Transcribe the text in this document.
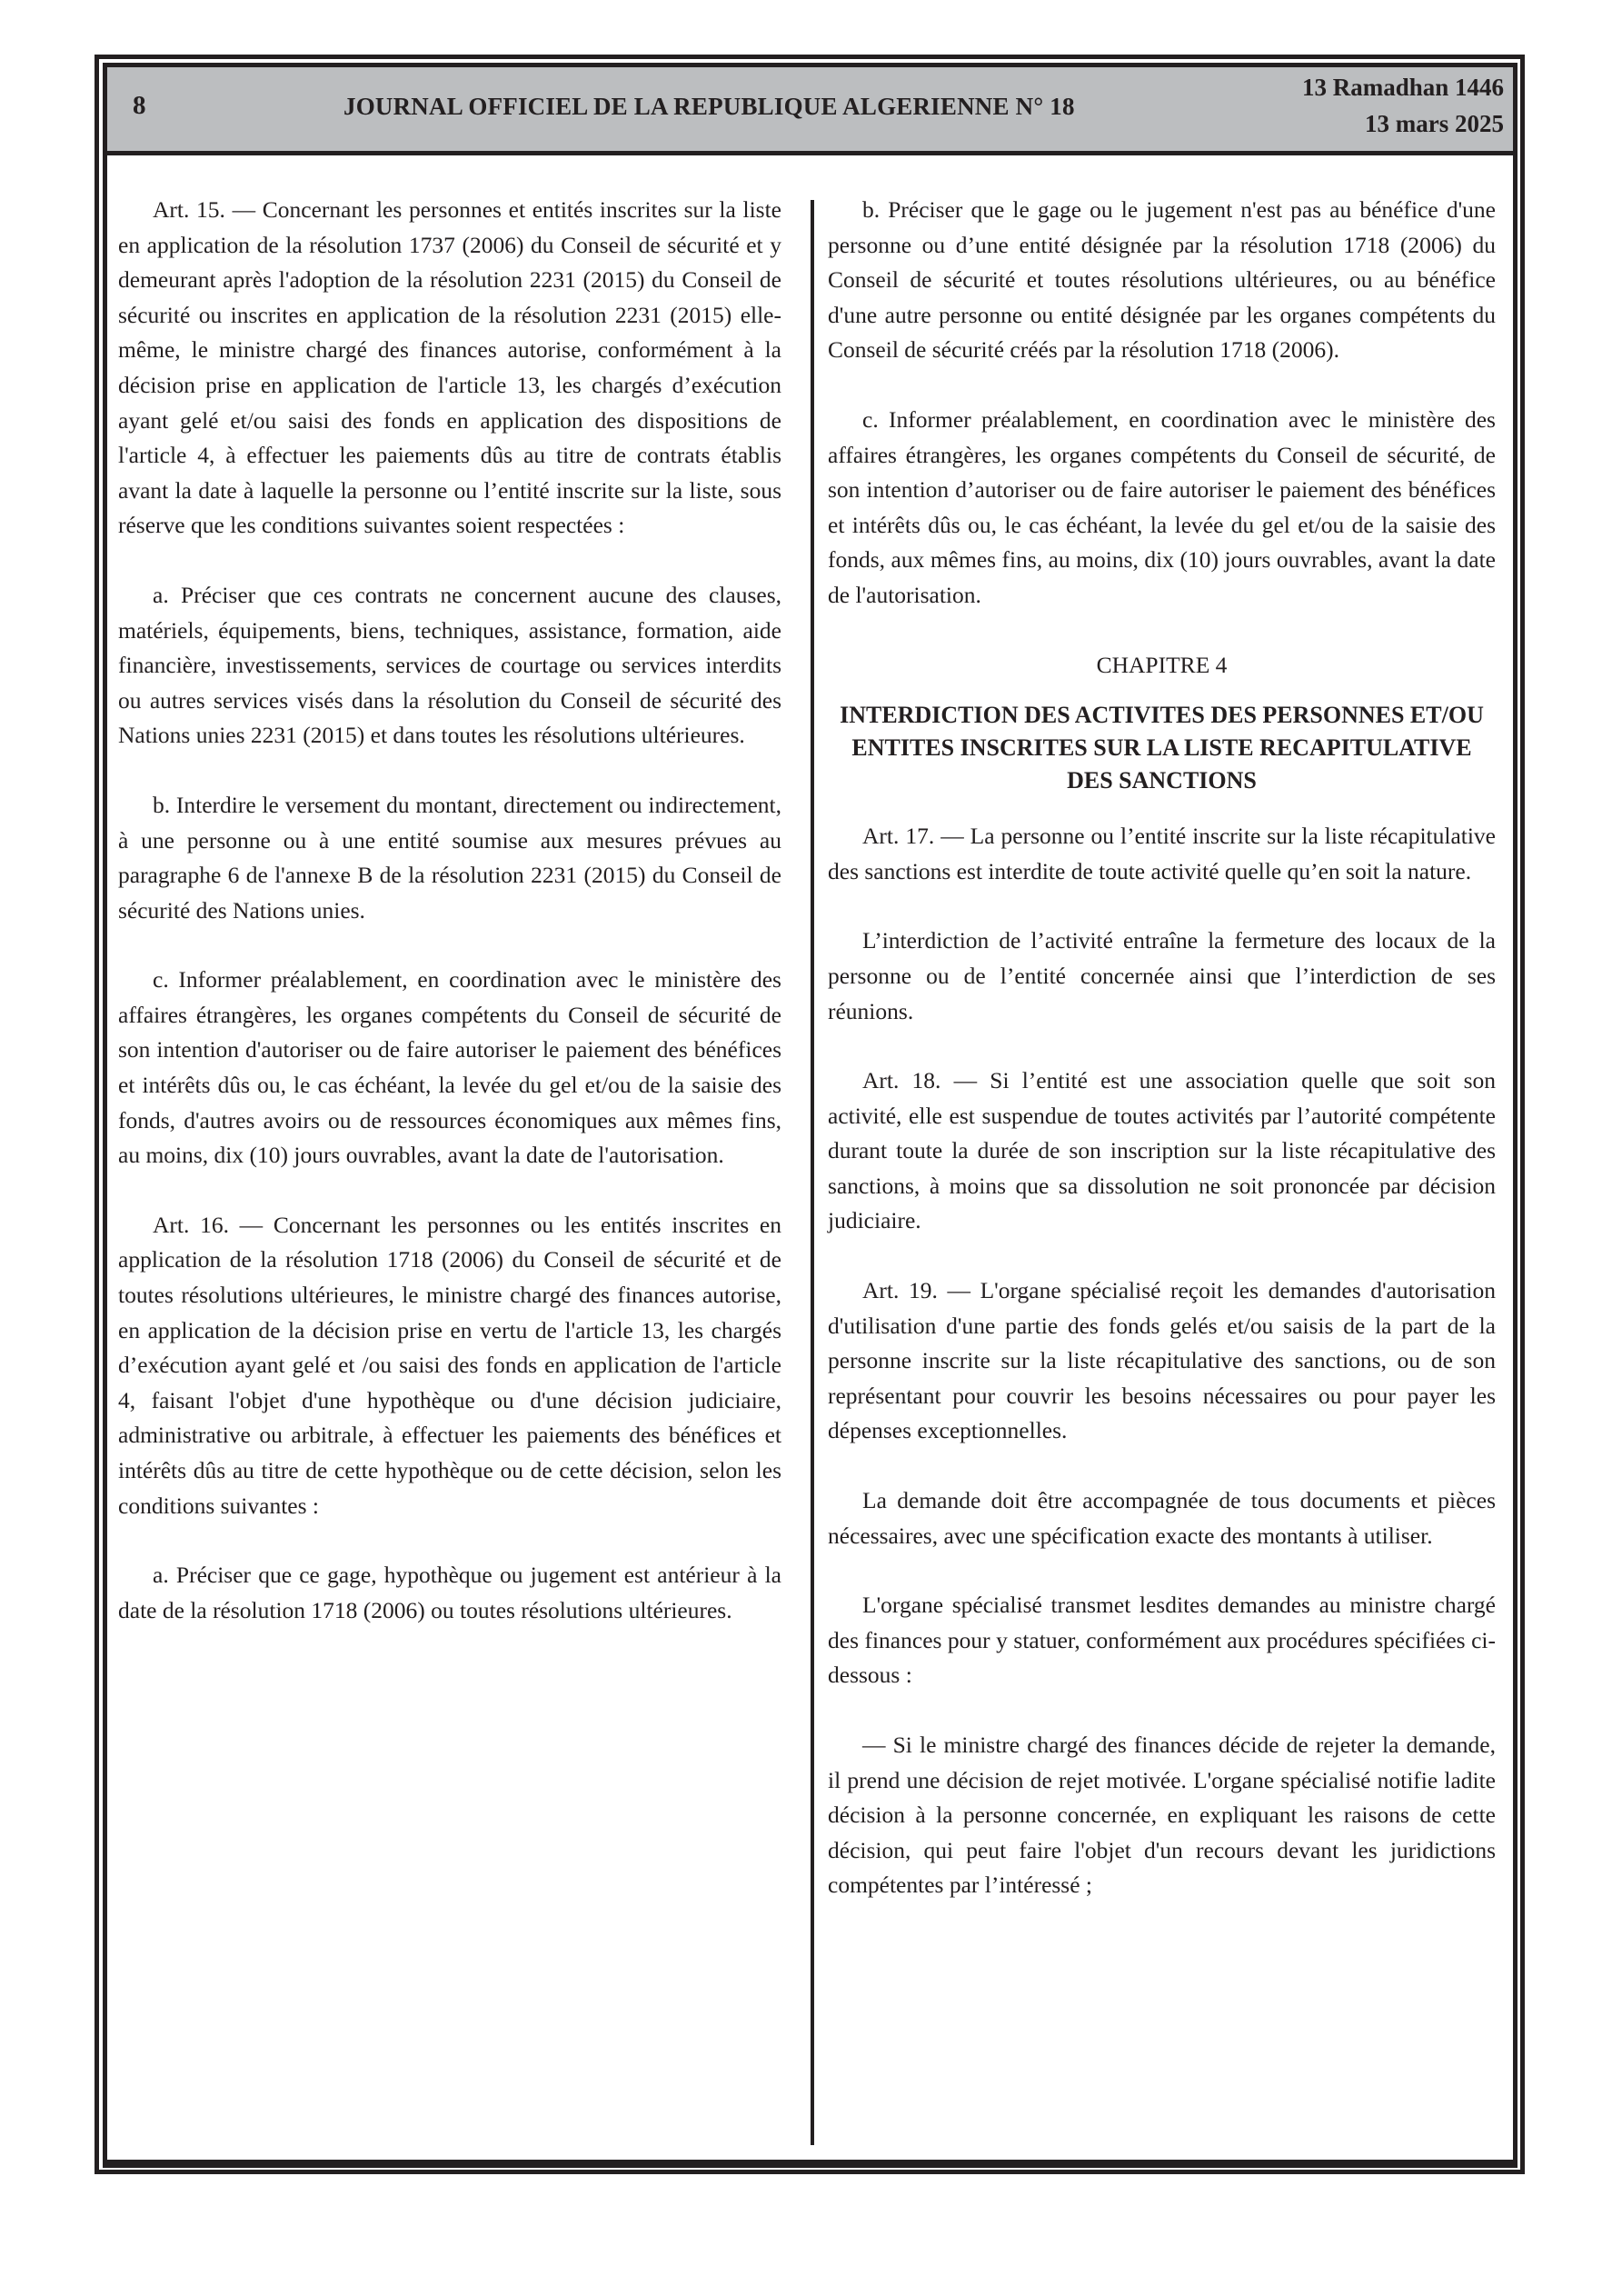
8	JOURNAL OFFICIEL DE LA REPUBLIQUE ALGERIENNE N° 18
13 Ramadhan 1446
13 mars 2025

Art. 15. — Concernant les personnes et entités inscrites sur la liste en application de la résolution 1737 (2006) du Conseil de sécurité et y demeurant après l'adoption de la résolution 2231 (2015) du Conseil de sécurité ou inscrites en application de la résolution 2231 (2015) elle-même, le ministre chargé des finances autorise, conformément à la décision prise en application de l'article 13, les chargés d’exécution ayant gelé et/ou saisi des fonds en application des dispositions de l'article 4, à effectuer les paiements dûs au titre de contrats établis avant la date à laquelle la personne ou l’entité inscrite sur la liste, sous réserve que les conditions suivantes soient respectées :

a. Préciser que ces contrats ne concernent aucune des clauses, matériels, équipements, biens, techniques, assistance, formation, aide financière, investissements, services de courtage ou services interdits ou autres services visés dans la résolution du Conseil de sécurité des Nations unies 2231 (2015) et dans toutes les résolutions ultérieures.

b. Interdire le versement du montant, directement ou indirectement, à une personne ou à une entité soumise aux mesures prévues au paragraphe 6 de l'annexe B de la résolution 2231 (2015) du Conseil de sécurité des Nations unies.

c. Informer préalablement, en coordination avec le ministère des affaires étrangères, les organes compétents du Conseil de sécurité de son intention d'autoriser ou de faire autoriser le paiement des bénéfices et intérêts dûs ou, le cas échéant, la levée du gel et/ou de la saisie des fonds, d'autres avoirs ou de ressources économiques aux mêmes fins, au moins, dix (10) jours ouvrables, avant la date de l'autorisation.

Art. 16. — Concernant les personnes ou les entités inscrites en application de la résolution 1718 (2006) du Conseil de sécurité et de toutes résolutions ultérieures, le ministre chargé des finances autorise, en application de la décision prise en vertu de l'article 13, les chargés d’exécution ayant gelé et /ou saisi des fonds en application de l'article 4, faisant l'objet d'une hypothèque ou d'une décision judiciaire, administrative ou arbitrale, à effectuer les paiements des bénéfices et intérêts dûs au titre de cette hypothèque ou de cette décision, selon les conditions suivantes :

a. Préciser que ce gage, hypothèque ou jugement est antérieur à la date de la résolution 1718 (2006) ou toutes résolutions ultérieures.

b. Préciser que le gage ou le jugement n'est pas au bénéfice d'une personne ou d’une entité désignée par la résolution 1718 (2006) du Conseil de sécurité et toutes résolutions ultérieures, ou au bénéfice d'une autre personne ou entité désignée par les organes compétents du Conseil de sécurité créés par la résolution 1718 (2006).

c. Informer préalablement, en coordination avec le ministère des affaires étrangères, les organes compétents du Conseil de sécurité, de son intention d’autoriser ou de faire autoriser le paiement des bénéfices et intérêts dûs ou, le cas échéant, la levée du gel et/ou de la saisie des fonds, aux mêmes fins, au moins, dix (10) jours ouvrables, avant la date de l'autorisation.

CHAPITRE 4

INTERDICTION DES ACTIVITES DES PERSONNES ET/OU ENTITES INSCRITES SUR LA LISTE RECAPITULATIVE DES SANCTIONS

Art. 17. — La personne ou l’entité inscrite sur la liste récapitulative des sanctions est interdite de toute activité quelle qu’en soit la nature.

L’interdiction de l’activité entraîne la fermeture des locaux de la personne ou de l’entité concernée ainsi que l’interdiction de ses réunions.

Art. 18. — Si l’entité est une association quelle que soit son activité, elle est suspendue de toutes activités par l’autorité compétente durant toute la durée de son inscription sur la liste récapitulative des sanctions, à moins que sa dissolution ne soit prononcée par décision judiciaire.

Art. 19. — L'organe spécialisé reçoit les demandes d'autorisation d'utilisation d'une partie des fonds gelés et/ou saisis de la part de la personne inscrite sur la liste récapitulative des sanctions, ou de son représentant pour couvrir les besoins nécessaires ou pour payer les dépenses exceptionnelles.

La demande doit être accompagnée de tous documents et pièces nécessaires, avec une spécification exacte des montants à utiliser.

L'organe spécialisé transmet lesdites demandes au ministre chargé des finances pour y statuer, conformément aux procédures spécifiées ci-dessous :

— Si le ministre chargé des finances décide de rejeter la demande, il prend une décision de rejet motivée. L'organe spécialisé notifie ladite décision à la personne concernée, en expliquant les raisons de cette décision, qui peut faire l'objet d'un recours devant les juridictions compétentes par l’intéressé ;
